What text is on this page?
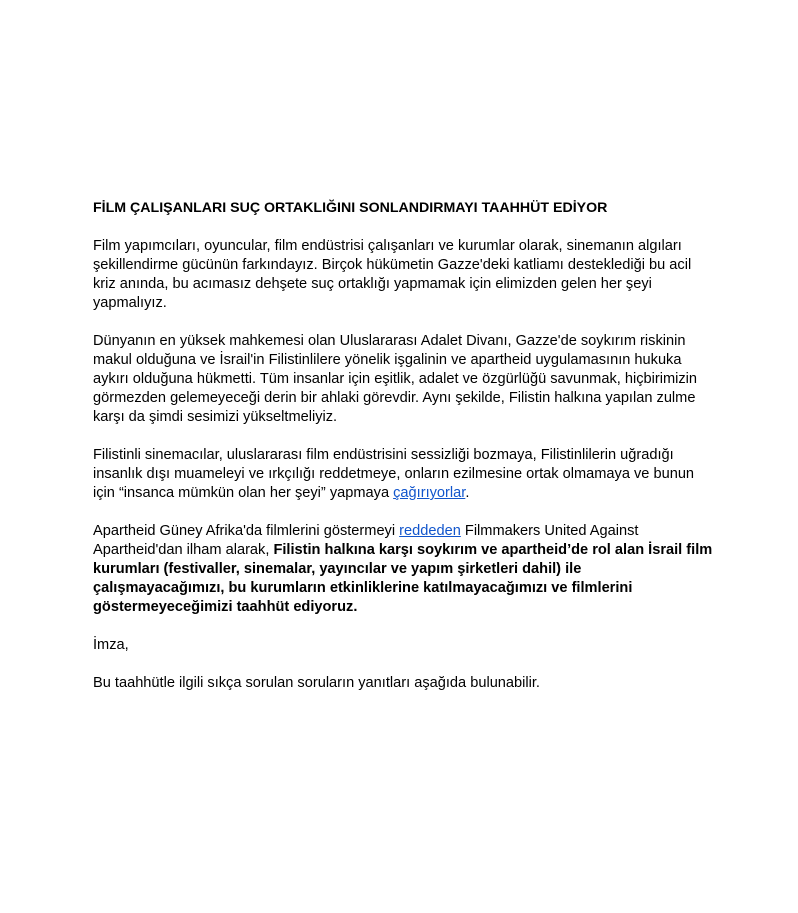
FİLM ÇALIŞANLARI SUÇ ORTAKLIĞINI SONLANDIRMAYI TAAHHÜT EDİYOR

Film yapımcıları, oyuncular, film endüstrisi çalışanları ve kurumlar olarak, sinemanın algıları şekillendirme gücünün farkındayız. Birçok hükümetin Gazze'deki katliamı desteklediği bu acil kriz anında, bu acımasız dehşete suç ortaklığı yapmamak için elimizden gelen her şeyi yapmalıyız.

Dünyanın en yüksek mahkemesi olan Uluslararası Adalet Divanı, Gazze'de soykırım riskinin makul olduğuna ve İsrail'in Filistinlilere yönelik işgalinin ve apartheid uygulamasının hukuka aykırı olduğuna hükmetti. Tüm insanlar için eşitlik, adalet ve özgürlüğü savunmak, hiçbirimizin görmezden gelemeyeceği derin bir ahlaki görevdir. Aynı şekilde, Filistin halkına yapılan zulme karşı da şimdi sesimizi yükseltmeliyiz.

Filistinli sinemacılar, uluslararası film endüstrisini sessizliği bozmaya, Filistinlilerin uğradığı insanlık dışı muameleyi ve ırkçılığı reddetmeye, onların ezilmesine ortak olmamaya ve bunun için “insanca mümkün olan her şeyi” yapmaya çağırıyorlar.

Apartheid Güney Afrika'da filmlerini göstermeyi reddeden Filmmakers United Against Apartheid'dan ilham alarak, Filistin halkına karşı soykırım ve apartheid’de rol alan İsrail film kurumları (festivaller, sinemalar, yayıncılar ve yapım şirketleri dahil) ile çalışmayacağımızı, bu kurumların etkinliklerine katılmayacağımızı ve filmlerini göstermeyeceğimizi taahhüt ediyoruz.

İmza,

Bu taahhütle ilgili sıkça sorulan soruların yanıtları aşağıda bulunabilir.
